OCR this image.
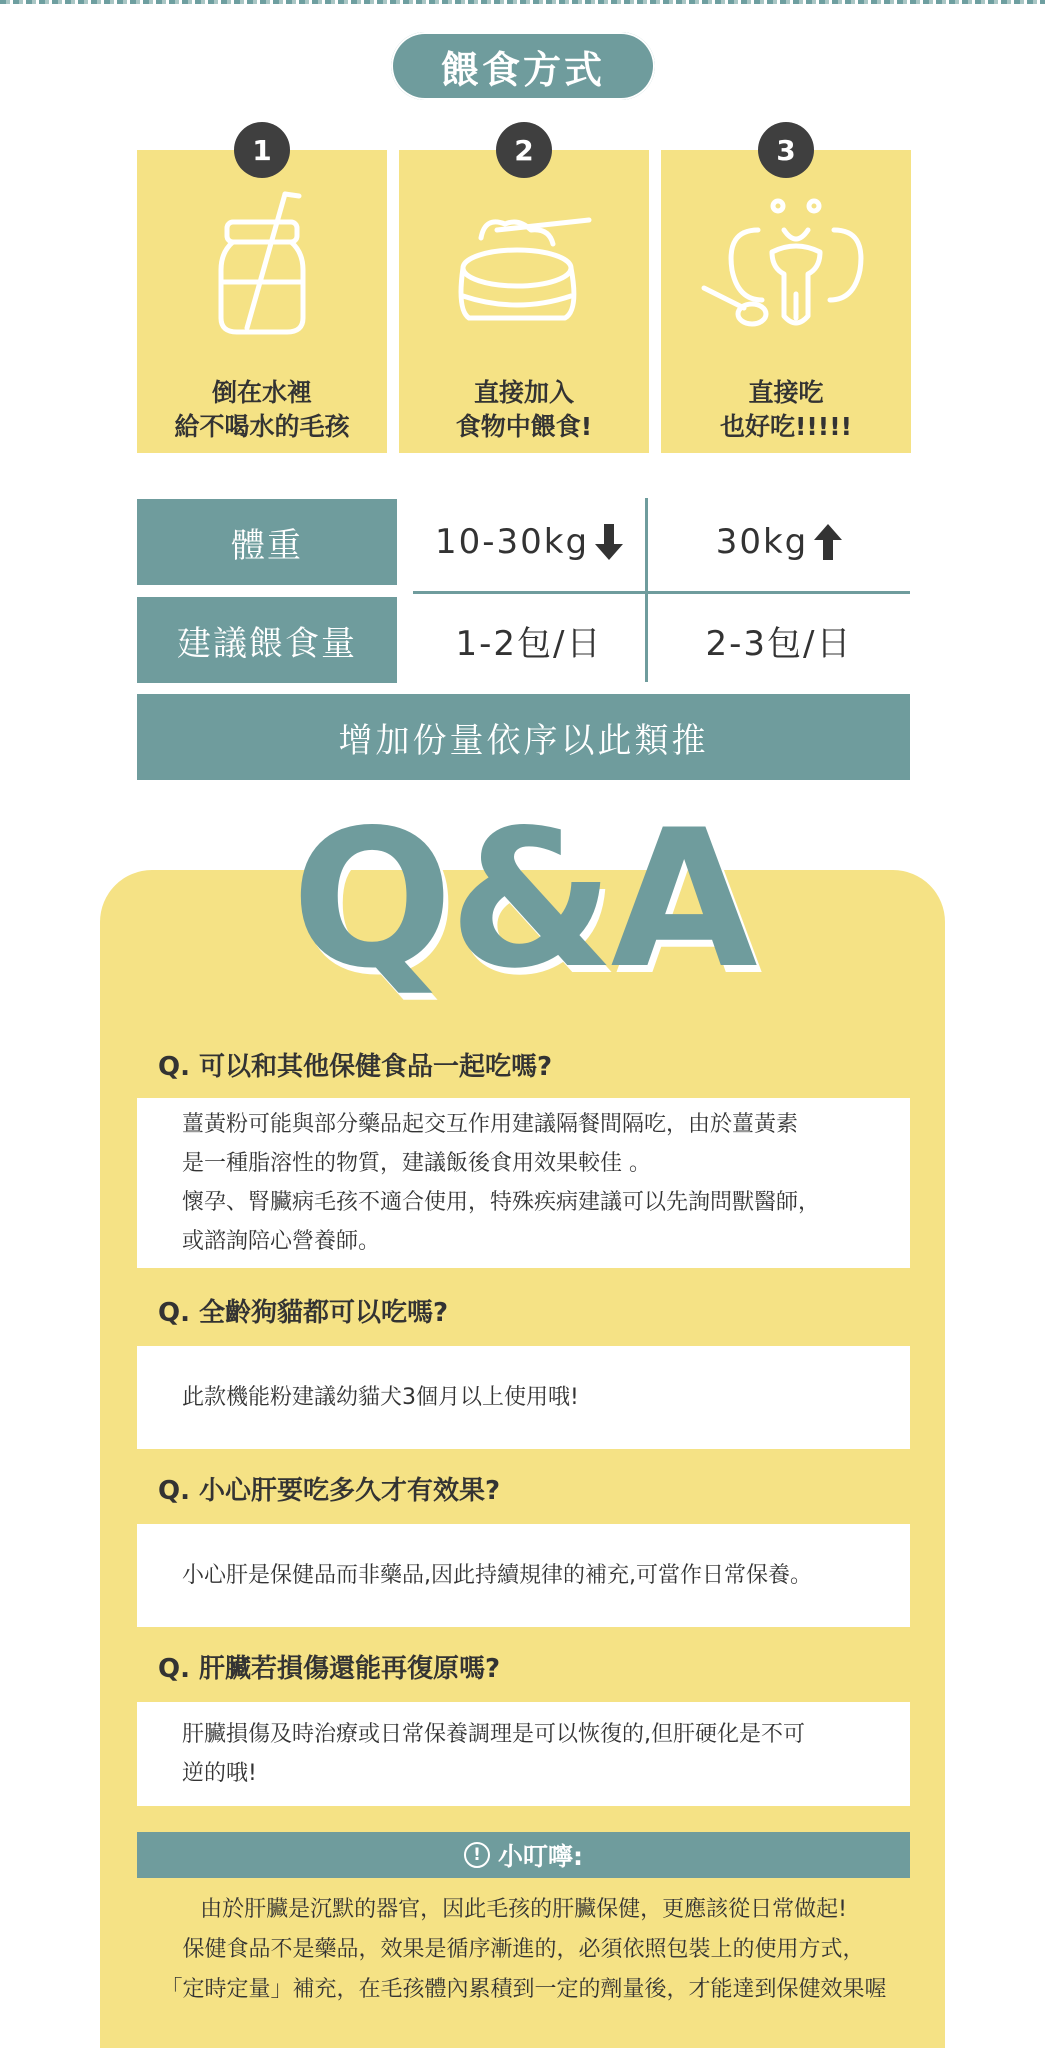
餵食方式
倒在水裡
給不喝水的毛孩
1
直接加入
食物中餵食!
2
直接吃
也好吃!!!!!
3
體重
建議餵食量
10-30kg	30kg
1-2包/日	2-3包/日
增加份量依序以此類推
Q&A
Q. 可以和其他保健食品一起吃嗎?
薑黃粉可能與部分藥品起交互作用建議隔餐間隔吃，由於薑黃素
是一種脂溶性的物質，建議飯後食用效果較佳 。
懷孕、腎臟病毛孩不適合使用，特殊疾病建議可以先詢問獸醫師，
或諮詢陪心營養師。
Q. 全齡狗貓都可以吃嗎?
此款機能粉建議幼貓犬3個月以上使用哦!
Q. 小心肝要吃多久才有效果?
小心肝是保健品而非藥品,因此持續規律的補充,可當作日常保養。
Q. 肝臟若損傷還能再復原嗎?
肝臟損傷及時治療或日常保養調理是可以恢復的,但肝硬化是不可
逆的哦!
! 小叮嚀:
由於肝臟是沉默的器官，因此毛孩的肝臟保健，更應該從日常做起!
保健食品不是藥品，效果是循序漸進的，必須依照包裝上的使用方式，
「定時定量」補充，在毛孩體內累積到一定的劑量後，才能達到保健效果喔
